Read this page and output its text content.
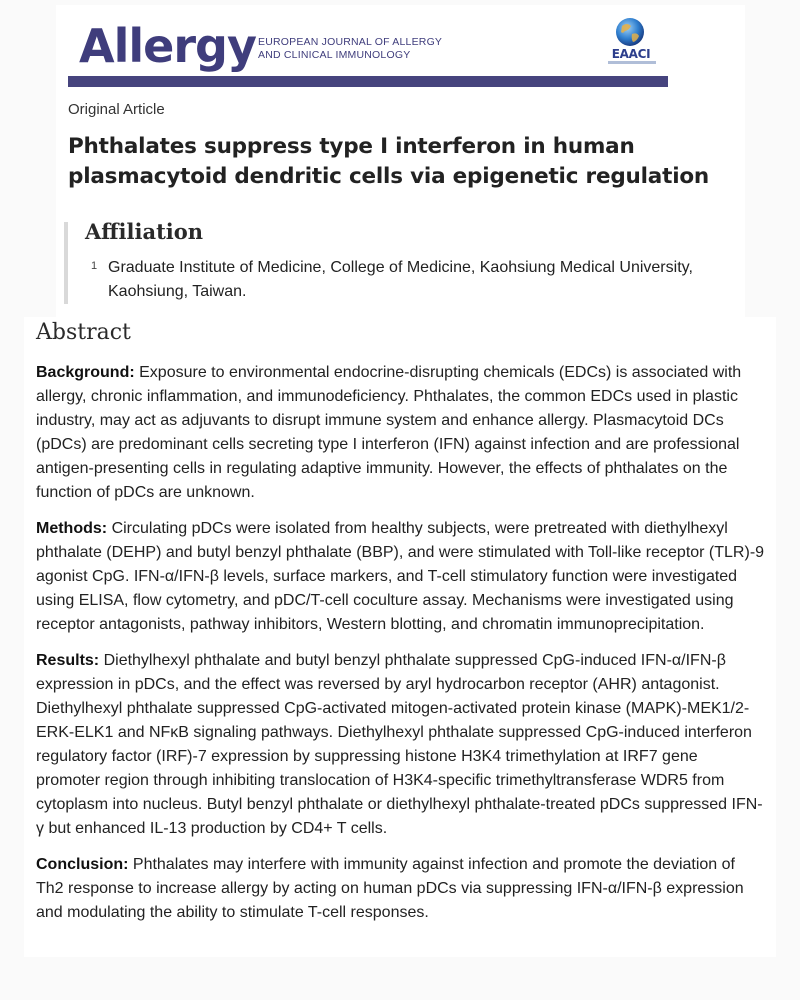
Allergy EUROPEAN JOURNAL OF ALLERGY
AND CLINICAL IMMUNOLOGY	EAACI
Original Article
Phthalates suppress type I interferon in human plasmacytoid dendritic cells via epigenetic regulation
Affiliation
1 Graduate Institute of Medicine, College of Medicine, Kaohsiung Medical University, Kaohsiung, Taiwan.
Abstract

Background: Exposure to environmental endocrine-disrupting chemicals (EDCs) is associated with allergy, chronic inflammation, and immunodeficiency. Phthalates, the common EDCs used in plastic industry, may act as adjuvants to disrupt immune system and enhance allergy. Plasmacytoid DCs (pDCs) are predominant cells secreting type I interferon (IFN) against infection and are professional antigen-presenting cells in regulating adaptive immunity. However, the effects of phthalates on the function of pDCs are unknown.

Methods: Circulating pDCs were isolated from healthy subjects, were pretreated with diethylhexyl phthalate (DEHP) and butyl benzyl phthalate (BBP), and were stimulated with Toll-like receptor (TLR)-9 agonist CpG. IFN-α/IFN-β levels, surface markers, and T-cell stimulatory function were investigated using ELISA, flow cytometry, and pDC/T-cell coculture assay. Mechanisms were investigated using receptor antagonists, pathway inhibitors, Western blotting, and chromatin immunoprecipitation.

Results: Diethylhexyl phthalate and butyl benzyl phthalate suppressed CpG-induced IFN-α/IFN-β expression in pDCs, and the effect was reversed by aryl hydrocarbon receptor (AHR) antagonist. Diethylhexyl phthalate suppressed CpG-activated mitogen-activated protein kinase (MAPK)-MEK1/2-ERK-ELK1 and NFκB signaling pathways. Diethylhexyl phthalate suppressed CpG-induced interferon regulatory factor (IRF)-7 expression by suppressing histone H3K4 trimethylation at IRF7 gene promoter region through inhibiting translocation of H3K4-specific trimethyltransferase WDR5 from cytoplasm into nucleus. Butyl benzyl phthalate or diethylhexyl phthalate-treated pDCs suppressed IFN-γ but enhanced IL-13 production by CD4+ T cells.

Conclusion: Phthalates may interfere with immunity against infection and promote the deviation of Th2 response to increase allergy by acting on human pDCs via suppressing IFN-α/IFN-β expression and modulating the ability to stimulate T-cell responses.
